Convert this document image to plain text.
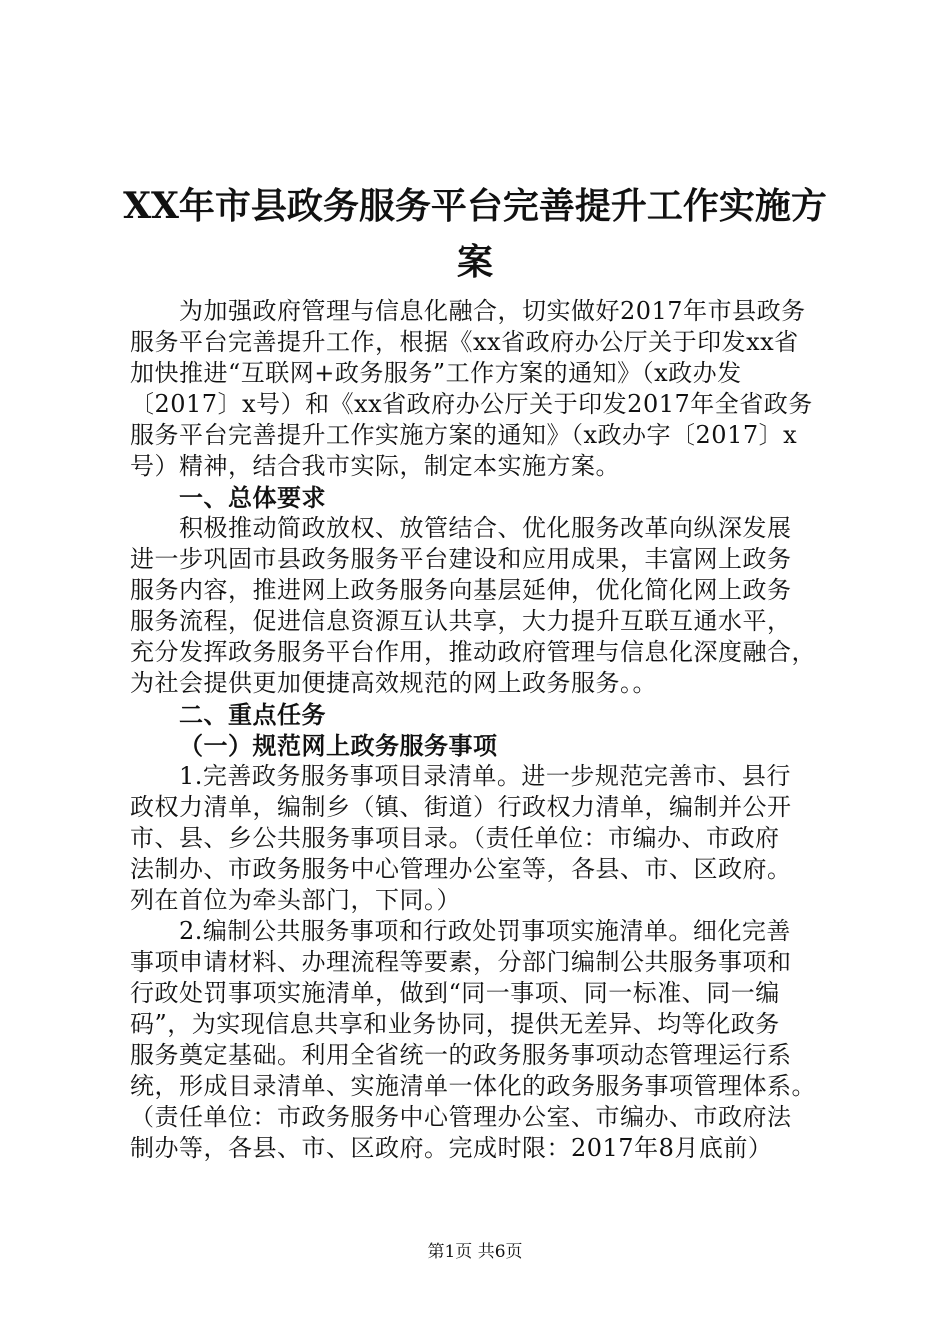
XX年市县政务服务平台完善提升工作实施方
案
为加强政府管理与信息化融合，切实做好2017年市县政务
服务平台完善提升工作，根据《xx省政府办公厅关于印发xx省
加快推进“互联网+政务服务”工作方案的通知》（x政办发
〔2017〕x号）和《xx省政府办公厅关于印发2017年全省政务
服务平台完善提升工作实施方案的通知》（x政办字〔2017〕x
号）精神，结合我市实际，制定本实施方案。
一、总体要求
积极推动简政放权、放管结合、优化服务改革向纵深发展
进一步巩固市县政务服务平台建设和应用成果，丰富网上政务
服务内容，推进网上政务服务向基层延伸，优化简化网上政务
服务流程，促进信息资源互认共享，大力提升互联互通水平，
充分发挥政务服务平台作用，推动政府管理与信息化深度融合，
为社会提供更加便捷高效规范的网上政务服务。。
二、重点任务
（一）规范网上政务服务事项
1.完善政务服务事项目录清单。进一步规范完善市、县行
政权力清单，编制乡（镇、街道）行政权力清单，编制并公开
市、县、乡公共服务事项目录。（责任单位：市编办、市政府
法制办、市政务服务中心管理办公室等，各县、市、区政府。
列在首位为牵头部门，下同。）
2.编制公共服务事项和行政处罚事项实施清单。细化完善
事项申请材料、办理流程等要素，分部门编制公共服务事项和
行政处罚事项实施清单，做到“同一事项、同一标准、同一编
码”，为实现信息共享和业务协同，提供无差异、均等化政务
服务奠定基础。利用全省统一的政务服务事项动态管理运行系
统，形成目录清单、实施清单一体化的政务服务事项管理体系。
（责任单位：市政务服务中心管理办公室、市编办、市政府法
制办等，各县、市、区政府。完成时限：2017年8月底前）
第1页 共6页
